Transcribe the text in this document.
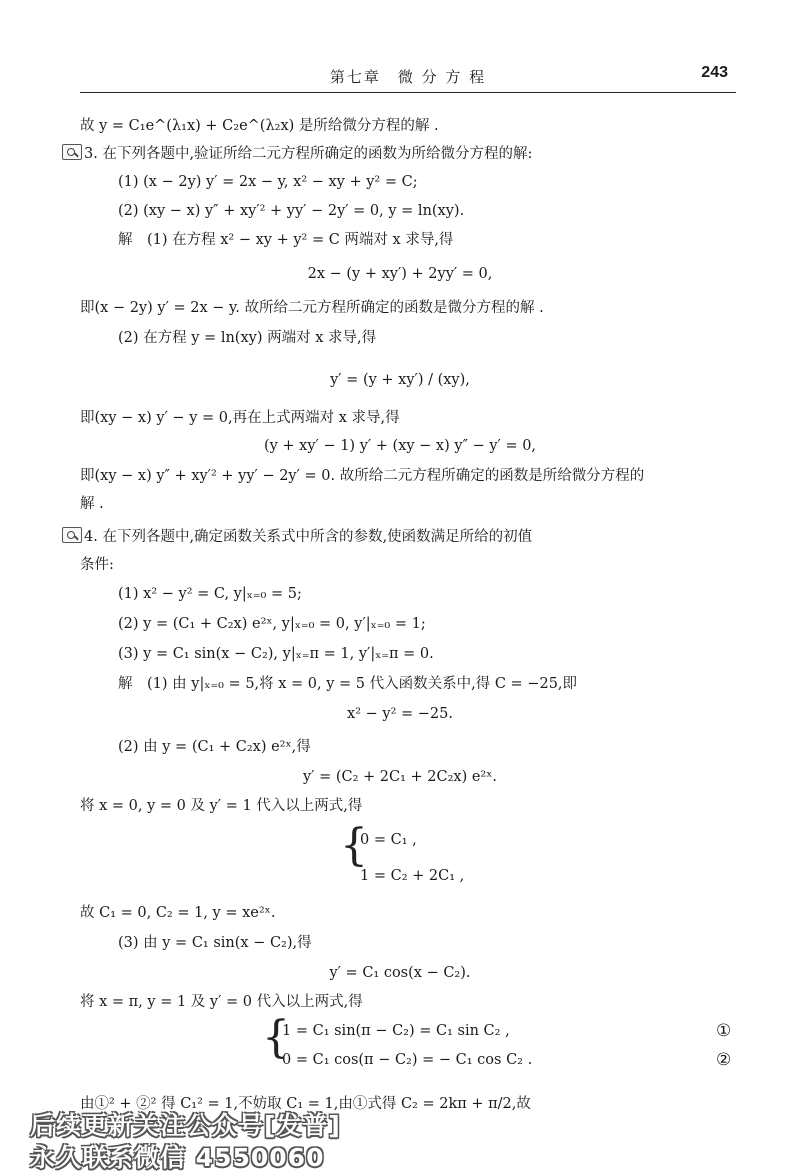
第七章　微 分 方 程	243
故 y = C₁e^(λ₁x) + C₂e^(λ₂x) 是所给微分方程的解 .
3. 在下列各题中,验证所给二元方程所确定的函数为所给微分方程的解:
(1) (x − 2y) y′ = 2x − y, x² − xy + y² = C;
(2) (xy − x) y″ + xy′² + yy′ − 2y′ = 0, y = ln(xy).
解　(1) 在方程 x² − xy + y² = C 两端对 x 求导,得
2x − (y + xy′) + 2yy′ = 0,
即(x − 2y) y′ = 2x − y. 故所给二元方程所确定的函数是微分方程的解 .
(2) 在方程 y = ln(xy) 两端对 x 求导,得
y′ = (y + xy′) / (xy),
即(xy − x) y′ − y = 0,再在上式两端对 x 求导,得
(y + xy′ − 1) y′ + (xy − x) y″ − y′ = 0,
即(xy − x) y″ + xy′² + yy′ − 2y′ = 0. 故所给二元方程所确定的函数是所给微分方程的
解 .
4. 在下列各题中,确定函数关系式中所含的参数,使函数满足所给的初值
条件:
(1) x² − y² = C, y|ₓ₌₀ = 5;
(2) y = (C₁ + C₂x) e²ˣ, y|ₓ₌₀ = 0, y′|ₓ₌₀ = 1;
(3) y = C₁ sin(x − C₂), y|ₓ₌π = 1, y′|ₓ₌π = 0.
解　(1) 由 y|ₓ₌₀ = 5,将 x = 0, y = 5 代入函数关系中,得 C = −25,即
x² − y² = −25.
(2) 由 y = (C₁ + C₂x) e²ˣ,得
y′ = (C₂ + 2C₁ + 2C₂x) e²ˣ.
将 x = 0, y = 0 及 y′ = 1 代入以上两式,得
{
0 = C₁ ,
1 = C₂ + 2C₁ ,
故 C₁ = 0, C₂ = 1, y = xe²ˣ.
(3) 由 y = C₁ sin(x − C₂),得
y′ = C₁ cos(x − C₂).
将 x = π, y = 1 及 y′ = 0 代入以上两式,得
{
1 = C₁ sin(π − C₂) = C₁ sin C₂ ,
0 = C₁ cos(π − C₂) = − C₁ cos C₂ .
①
②
由①² + ②² 得 C₁² = 1,不妨取 C₁ = 1,由①式得 C₂ = 2kπ + π/2,故
后续更新关注公众号[发普]
永久联系微信 4550060
